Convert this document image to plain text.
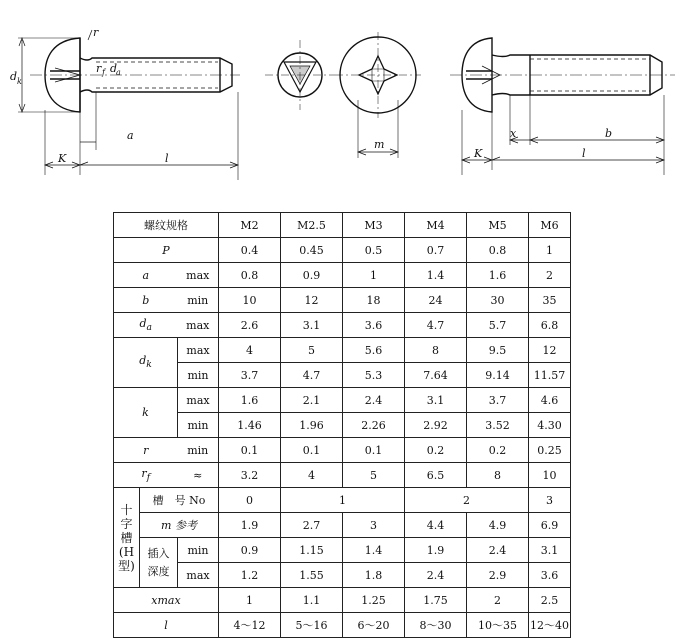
d k
r
r f d
a
a
K	l
m
x	b
K	l
螺纹规格			M2	M2.5	M3	M4	M5	M6
P			0.4	0.45	0.5	0.7	0.8	1
a		max	0.8	0.9	1	1.4	1.6	2
b		min	10	12	18	24	30	35
$d_a$		max	2.6	3.1	3.6	4.7	5.7	6.8
$d_k$		max	4	5	5.6	8	9.5	12
		min	3.7	4.7	5.3	7.64	9.14	11.57
k		max	1.6	2.1	2.4	3.1	3.7	4.6
		min	1.46	1.96	2.26	2.92	3.52	4.30
r		min	0.1	0.1	0.1	0.2	0.2	0.25
$r_f$		≈	3.2	4	5	6.5	8	10

十
字
槽
(H
型)	槽　号 No		0	1		2		3
	m 参考		1.9	2.7	3	4.4	4.9	6.9

	插入
深度	min	0.9	1.15	1.4	1.9	2.4	3.1
		max	1.2	1.55	1.8	2.4	2.9	3.6
xmax			1	1.1	1.25	1.75	2	2.5
l			4～12	5～16	6～20	8～30	10～35	12～40
